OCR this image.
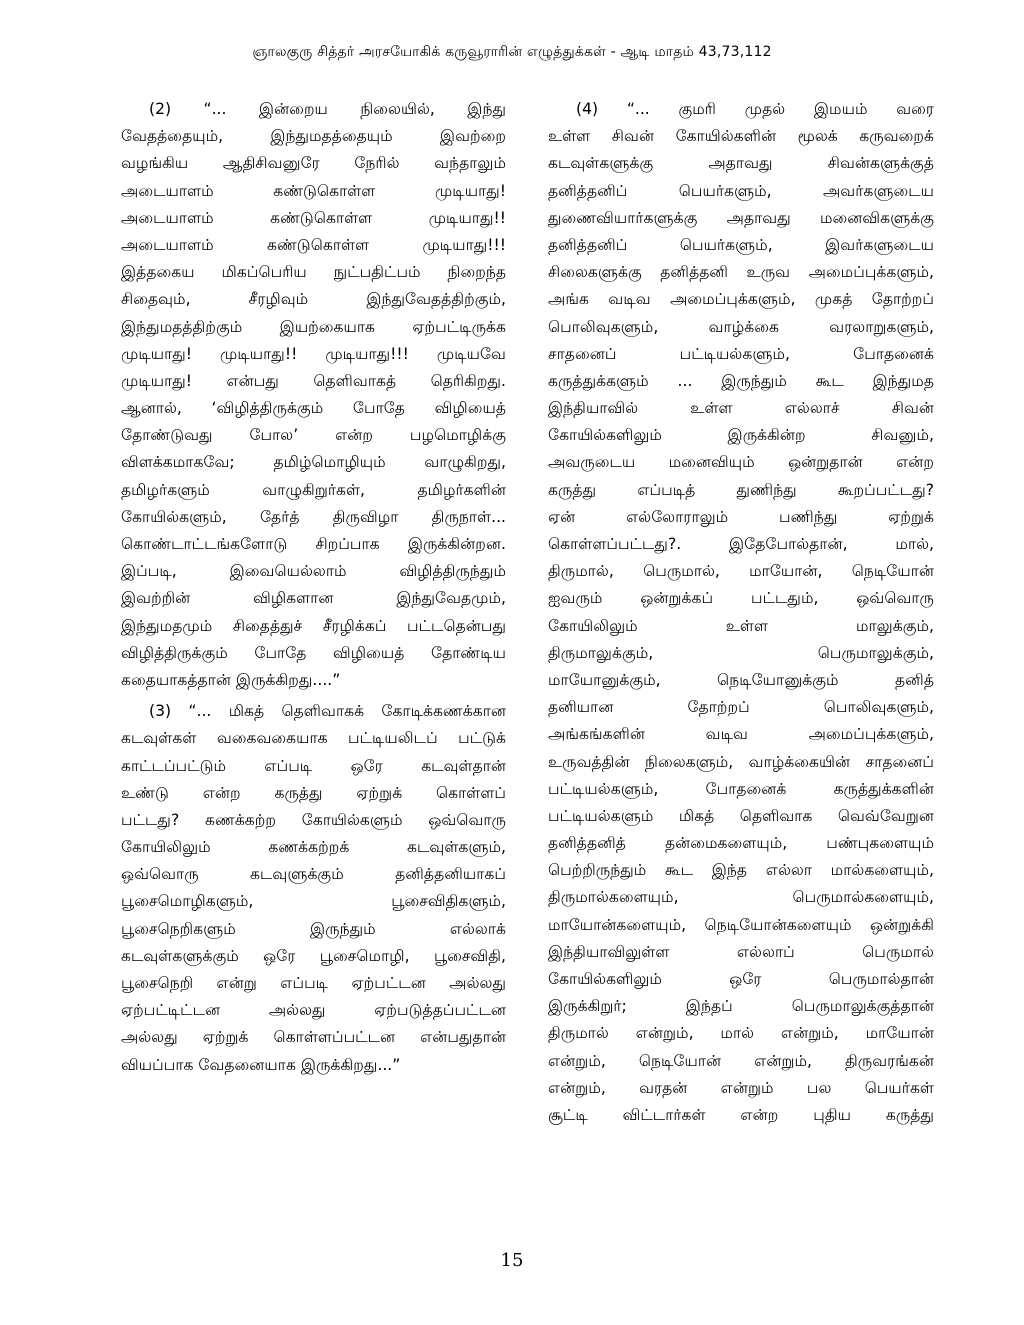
ஞாலகுரு சித்தர் அரசயோகிக் கருவூராரின் எழுத்துக்கள் - ஆடி மாதம் 43,73,112
(2) “... இன்றைய நிலையில், இந்து
வேதத்தையும், இந்துமதத்தையும் இவற்றை
வழங்கிய ஆதிசிவனுரே நேரில் வந்தாலும்
அடையாளம் கண்டுகொள்ள முடியாது!
அடையாளம் கண்டுகொள்ள முடியாது!!
அடையாளம் கண்டுகொள்ள முடியாது!!!
இத்தகைய மிகப்பெரிய நுட்பதிட்பம் நிறைந்த
சிதைவும், சீரழிவும் இந்துவேதத்திற்கும்,
இந்துமதத்திற்கும் இயற்கையாக ஏற்பட்டிருக்க
முடியாது! முடியாது!! முடியாது!!! முடியவே
முடியாது! என்பது தெளிவாகத் தெரிகிறது.
ஆனால், ‘விழித்திருக்கும் போதே விழியைத்
தோண்டுவது போல’ என்ற பழமொழிக்கு
விளக்கமாகவே; தமிழ்மொழியும் வாழுகிறது,
தமிழர்களும் வாழுகிறுர்கள், தமிழர்களின்
கோயில்களும், தேர்த் திருவிழா திருநாள்...
கொண்டாட்டங்களோடு சிறப்பாக இருக்கின்றன.
இப்படி, இவையெல்லாம் விழித்திருந்தும்
இவற்றின் விழிகளான இந்துவேதமும்,
இந்துமதமும் சிதைத்துச் சீரழிக்கப் பட்டதென்பது
விழித்திருக்கும் போதே விழியைத் தோண்டிய
கதையாகத்தான் இருக்கிறது....”
(3) “... மிகத் தெளிவாகக் கோடிக்கணக்கான
கடவுள்கள் வகைவகையாக பட்டியலிடப் பட்டுக்
காட்டப்பட்டும் எப்படி ஒரே கடவுள்தான்
உண்டு என்ற கருத்து ஏற்றுக் கொள்ளப்
பட்டது? கணக்கற்ற கோயில்களும் ஒவ்வொரு
கோயிலிலும் கணக்கற்றக் கடவுள்களும்,
ஒவ்வொரு கடவுளுக்கும் தனித்தனியாகப்
பூசைமொழிகளும், பூசைவிதிகளும்,
பூசைநெறிகளும் இருந்தும் எல்லாக்
கடவுள்களுக்கும் ஒரே பூசைமொழி, பூசைவிதி,
பூசைநெறி என்று எப்படி ஏற்பட்டன அல்லது
ஏற்பட்டிட்டன அல்லது ஏற்படுத்தப்பட்டன
அல்லது ஏற்றுக் கொள்ளப்பட்டன என்பதுதான்
வியப்பாக வேதனையாக இருக்கிறது...”
(4) “... குமரி முதல் இமயம் வரை
உள்ள சிவன் கோயில்களின் மூலக் கருவறைக்
கடவுள்களுக்கு அதாவது சிவன்களுக்குத்
தனித்தனிப் பெயர்களும், அவர்களுடைய
துணைவியார்களுக்கு அதாவது மனைவிகளுக்கு
தனித்தனிப் பெயர்களும், இவர்களுடைய
சிலைகளுக்கு தனித்தனி உருவ அமைப்புக்களும்,
அங்க வடிவ அமைப்புக்களும், முகத் தோற்றப்
பொலிவுகளும், வாழ்க்கை வரலாறுகளும்,
சாதனைப் பட்டியல்களும், போதனைக்
கருத்துக்களும் ... இருந்தும் கூட இந்துமத
இந்தியாவில் உள்ள எல்லாச் சிவன்
கோயில்களிலும் இருக்கின்ற சிவனும்,
அவருடைய மனைவியும் ஒன்றுதான் என்ற
கருத்து எப்படித் துணிந்து கூறப்பட்டது?
ஏன் எல்லோராலும் பணிந்து ஏற்றுக்
கொள்ளப்பட்டது?. இதேபோல்தான், மால்,
திருமால், பெருமால், மாயோன், நெடியோன்
ஐவரும் ஒன்றுக்கப் பட்டதும், ஒவ்வொரு
கோயிலிலும் உள்ள மாலுக்கும்,
திருமாலுக்கும், பெருமாலுக்கும்,
மாயோனுக்கும், நெடியோனுக்கும் தனித்
தனியான தோற்றப் பொலிவுகளும்,
அங்கங்களின் வடிவ அமைப்புக்களும்,
உருவத்தின் நிலைகளும், வாழ்க்கையின் சாதனைப்
பட்டியல்களும், போதனைக் கருத்துக்களின்
பட்டியல்களும் மிகத் தெளிவாக வெவ்வேறுன
தனித்தனித் தன்மைகளையும், பண்புகளையும்
பெற்றிருந்தும் கூட இந்த எல்லா மால்களையும்,
திருமால்களையும், பெருமால்களையும்,
மாயோன்களையும், நெடியோன்களையும் ஒன்றுக்கி
இந்தியாவிலுள்ள எல்லாப் பெருமால்
கோயில்களிலும் ஒரே பெருமால்தான்
இருக்கிறுர்; இந்தப் பெருமாலுக்குத்தான்
திருமால் என்றும், மால் என்றும், மாயோன்
என்றும், நெடியோன் என்றும், திருவரங்கன்
என்றும், வரதன் என்றும் பல பெயர்கள்
சூட்டி விட்டார்கள் என்ற புதிய கருத்து
15
